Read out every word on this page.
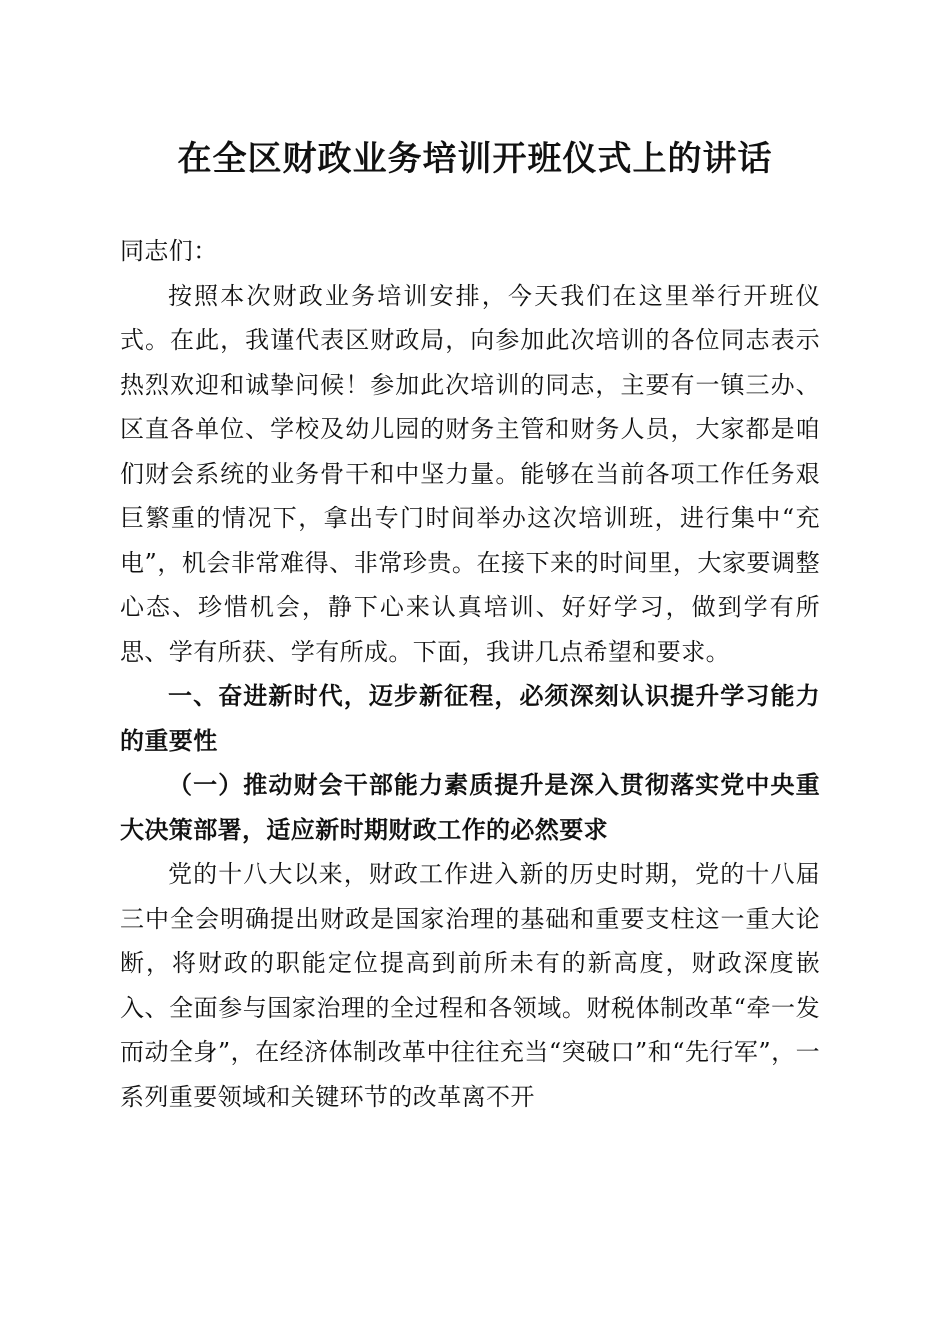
在全区财政业务培训开班仪式上的讲话

同志们：

按照本次财政业务培训安排，今天我们在这里举行开班仪式。在此，我谨代表区财政局，向参加此次培训的各位同志表示热烈欢迎和诚挚问候！参加此次培训的同志，主要有一镇三办、区直各单位、学校及幼儿园的财务主管和财务人员，大家都是咱们财会系统的业务骨干和中坚力量。能够在当前各项工作任务艰巨繁重的情况下，拿出专门时间举办这次培训班，进行集中“充电”，机会非常难得、非常珍贵。在接下来的时间里，大家要调整心态、珍惜机会，静下心来认真培训、好好学习，做到学有所思、学有所获、学有所成。下面，我讲几点希望和要求。

一、奋进新时代，迈步新征程，必须深刻认识提升学习能力的重要性

（一）推动财会干部能力素质提升是深入贯彻落实党中央重大决策部署，适应新时期财政工作的必然要求

党的十八大以来，财政工作进入新的历史时期，党的十八届三中全会明确提出财政是国家治理的基础和重要支柱这一重大论断，将财政的职能定位提高到前所未有的新高度，财政深度嵌入、全面参与国家治理的全过程和各领域。财税体制改革“牵一发而动全身”，在经济体制改革中往往充当“突破口”和“先行军”，一系列重要领域和关键环节的改革离不开
